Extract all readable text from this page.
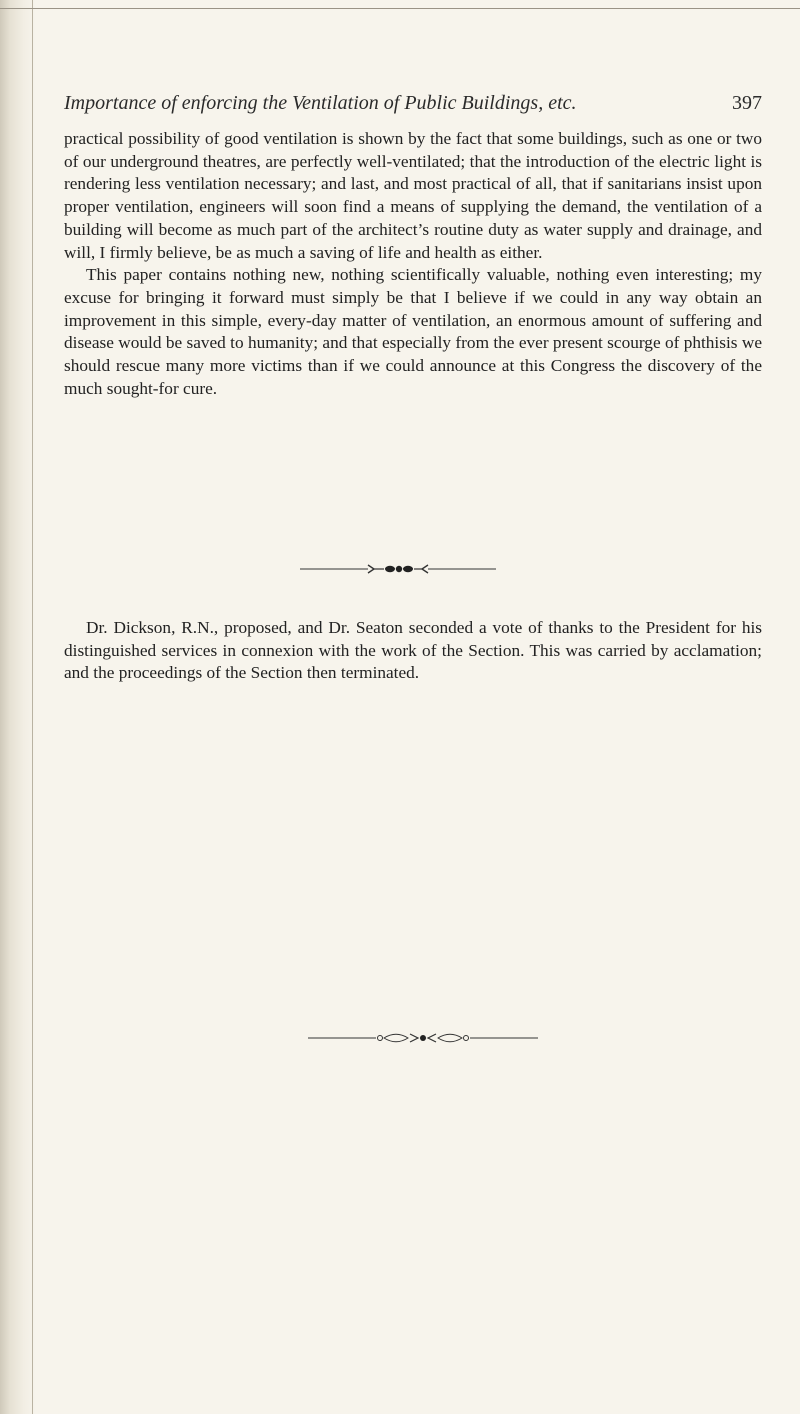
Importance of enforcing the Ventilation of Public Buildings, etc.	397

practical possibility of good ventilation is shown by the fact that some buildings, such as one or two of our underground theatres, are perfectly well-ventilated; that the introduction of the electric light is rendering less ventilation necessary; and last, and most practical of all, that if sanitarians insist upon proper ventilation, engineers will soon find a means of supplying the demand, the ventilation of a building will become as much part of the architect’s routine duty as water supply and drainage, and will, I firmly believe, be as much a saving of life and health as either.

This paper contains nothing new, nothing scientifically valuable, nothing even interesting; my excuse for bringing it forward must simply be that I believe if we could in any way obtain an improvement in this simple, every-day matter of ventilation, an enormous amount of suffering and disease would be saved to humanity; and that especially from the ever present scourge of phthisis we should rescue many more victims than if we could announce at this Congress the discovery of the much sought-for cure.

Dr. Dickson, R.N., proposed, and Dr. Seaton seconded a vote of thanks to the President for his distinguished services in connexion with the work of the Section. This was carried by acclamation; and the proceedings of the Section then terminated.
